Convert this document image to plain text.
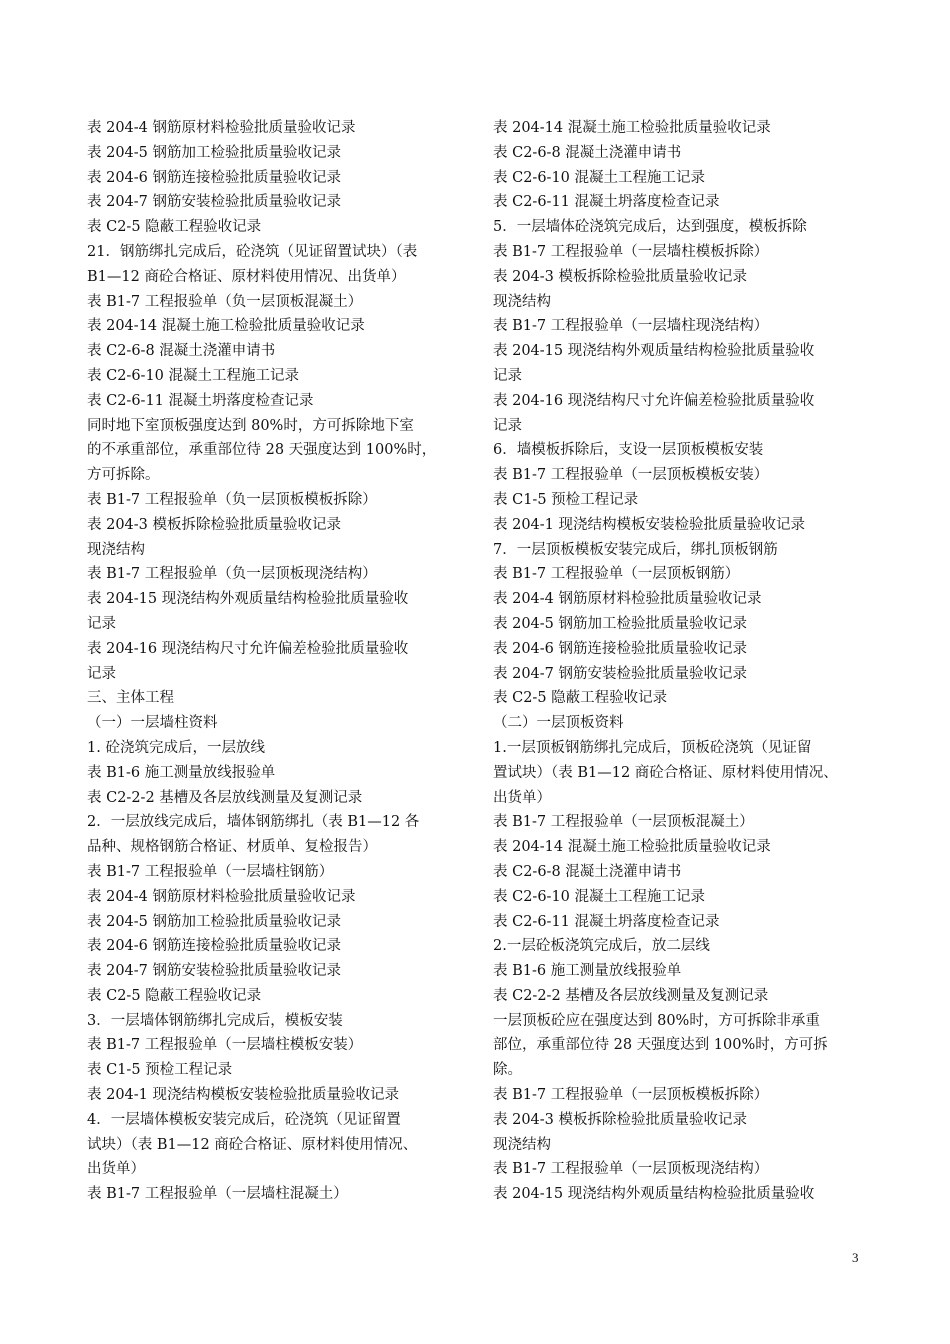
表 204-4 钢筋原材料检验批质量验收记录
表 204-5 钢筋加工检验批质量验收记录
表 204-6 钢筋连接检验批质量验收记录
表 204-7 钢筋安装检验批质量验收记录
表 C2-5 隐蔽工程验收记录
21．钢筋绑扎完成后，砼浇筑（见证留置试块）（表
B1—12 商砼合格证、原材料使用情况、出货单）
表 B1-7 工程报验单（负一层顶板混凝土）
表 204-14 混凝土施工检验批质量验收记录
表 C2-6-8 混凝土浇灌申请书
表 C2-6-10 混凝土工程施工记录
表 C2-6-11 混凝土坍落度检查记录
同时地下室顶板强度达到 80%时，方可拆除地下室
的不承重部位，承重部位待 28 天强度达到 100%时，
方可拆除。
表 B1-7 工程报验单（负一层顶板模板拆除）
表 204-3 模板拆除检验批质量验收记录
现浇结构
表 B1-7 工程报验单（负一层顶板现浇结构）
表 204-15 现浇结构外观质量结构检验批质量验收
记录
表 204-16 现浇结构尺寸允许偏差检验批质量验收
记录
三、主体工程
（一）一层墙柱资料
1. 砼浇筑完成后，一层放线
表 B1-6 施工测量放线报验单
表 C2-2-2 基槽及各层放线测量及复测记录
2．一层放线完成后，墙体钢筋绑扎（表 B1—12 各
品种、规格钢筋合格证、材质单、复检报告）
表 B1-7 工程报验单（一层墙柱钢筋）
表 204-4 钢筋原材料检验批质量验收记录
表 204-5 钢筋加工检验批质量验收记录
表 204-6 钢筋连接检验批质量验收记录
表 204-7 钢筋安装检验批质量验收记录
表 C2-5 隐蔽工程验收记录
3．一层墙体钢筋绑扎完成后，模板安装
表 B1-7 工程报验单（一层墙柱模板安装）
表 C1-5 预检工程记录
表 204-1 现浇结构模板安装检验批质量验收记录
4．一层墙体模板安装完成后，砼浇筑（见证留置
试块）（表 B1—12 商砼合格证、原材料使用情况、
出货单）
表 B1-7 工程报验单（一层墙柱混凝土）
表 204-14 混凝土施工检验批质量验收记录
表 C2-6-8 混凝土浇灌申请书
表 C2-6-10 混凝土工程施工记录
表 C2-6-11 混凝土坍落度检查记录
5．一层墙体砼浇筑完成后，达到强度，模板拆除
表 B1-7 工程报验单（一层墙柱模板拆除）
表 204-3 模板拆除检验批质量验收记录
现浇结构
表 B1-7 工程报验单（一层墙柱现浇结构）
表 204-15 现浇结构外观质量结构检验批质量验收
记录
表 204-16 现浇结构尺寸允许偏差检验批质量验收
记录
6．墙模板拆除后，支设一层顶板模板安装
表 B1-7 工程报验单（一层顶板模板安装）
表 C1-5 预检工程记录
表 204-1 现浇结构模板安装检验批质量验收记录
7．一层顶板模板安装完成后，绑扎顶板钢筋
表 B1-7 工程报验单（一层顶板钢筋）
表 204-4 钢筋原材料检验批质量验收记录
表 204-5 钢筋加工检验批质量验收记录
表 204-6 钢筋连接检验批质量验收记录
表 204-7 钢筋安装检验批质量验收记录
表 C2-5 隐蔽工程验收记录
（二）一层顶板资料
1.一层顶板钢筋绑扎完成后，顶板砼浇筑（见证留
置试块）（表 B1—12 商砼合格证、原材料使用情况、
出货单）
表 B1-7 工程报验单（一层顶板混凝土）
表 204-14 混凝土施工检验批质量验收记录
表 C2-6-8 混凝土浇灌申请书
表 C2-6-10 混凝土工程施工记录
表 C2-6-11 混凝土坍落度检查记录
2.一层砼板浇筑完成后，放二层线
表 B1-6 施工测量放线报验单
表 C2-2-2 基槽及各层放线测量及复测记录
一层顶板砼应在强度达到 80%时，方可拆除非承重
部位，承重部位待 28 天强度达到 100%时，方可拆
除。
表 B1-7 工程报验单（一层顶板模板拆除）
表 204-3 模板拆除检验批质量验收记录
现浇结构
表 B1-7 工程报验单（一层顶板现浇结构）
表 204-15 现浇结构外观质量结构检验批质量验收
3
